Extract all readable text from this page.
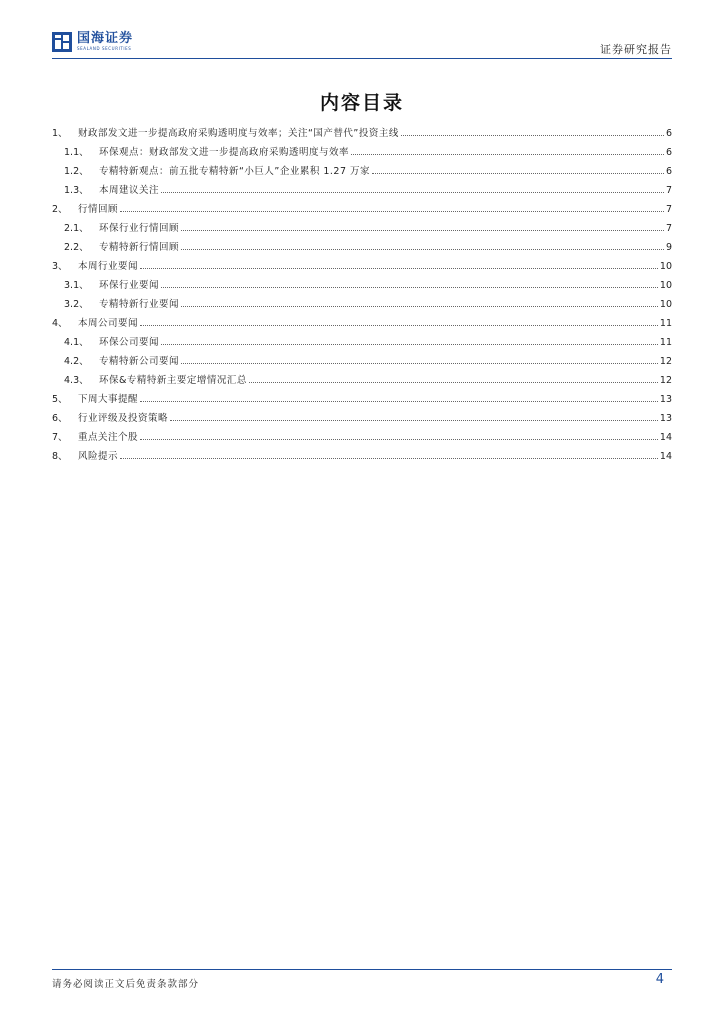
国海证券
SEALAND SECURITIES	证券研究报告
内容目录
1、	财政部发文进一步提高政府采购透明度与效率；关注“国产替代”投资主线	6
1.1、	环保观点：财政部发文进一步提高政府采购透明度与效率	6
1.2、	专精特新观点：前五批专精特新“小巨人”企业累积 1.27 万家	6
1.3、	本周建议关注	7
2、	行情回顾	7
2.1、	环保行业行情回顾	7
2.2、	专精特新行情回顾	9
3、	本周行业要闻	10
3.1、	环保行业要闻	10
3.2、	专精特新行业要闻	10
4、	本周公司要闻	11
4.1、	环保公司要闻	11
4.2、	专精特新公司要闻	12
4.3、	环保&专精特新主要定增情况汇总	12
5、	下周大事提醒	13
6、	行业评级及投资策略	13
7、	重点关注个股	14
8、	风险提示	14
请务必阅读正文后免责条款部分	4
